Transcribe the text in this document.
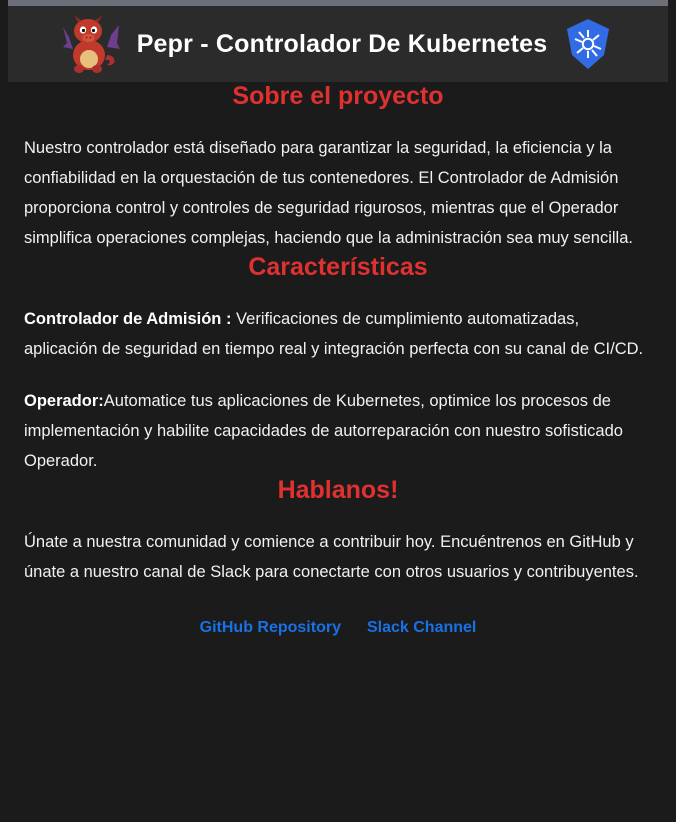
Pepr - Controlador De Kubernetes
Sobre el proyecto

Nuestro controlador está diseñado para garantizar la seguridad, la eficiencia y la confiabilidad en la orquestación de tus contenedores. El Controlador de Admisión proporciona control y controles de seguridad rigurosos, mientras que el Operador simplifica operaciones complejas, haciendo que la administración sea muy sencilla.

Características

Controlador de Admisión : Verificaciones de cumplimiento automatizadas, aplicación de seguridad en tiempo real y integración perfecta con su canal de CI/CD.

Operador:Automatice tus aplicaciones de Kubernetes, optimice los procesos de implementación y habilite capacidades de autorreparación con nuestro sofisticado Operador.

Hablanos!

Únate a nuestra comunidad y comience a contribuir hoy. Encuéntrenos en GitHub y únate a nuestro canal de Slack para conectarte con otros usuarios y contribuyentes.

GitHub Repository Slack Channel
